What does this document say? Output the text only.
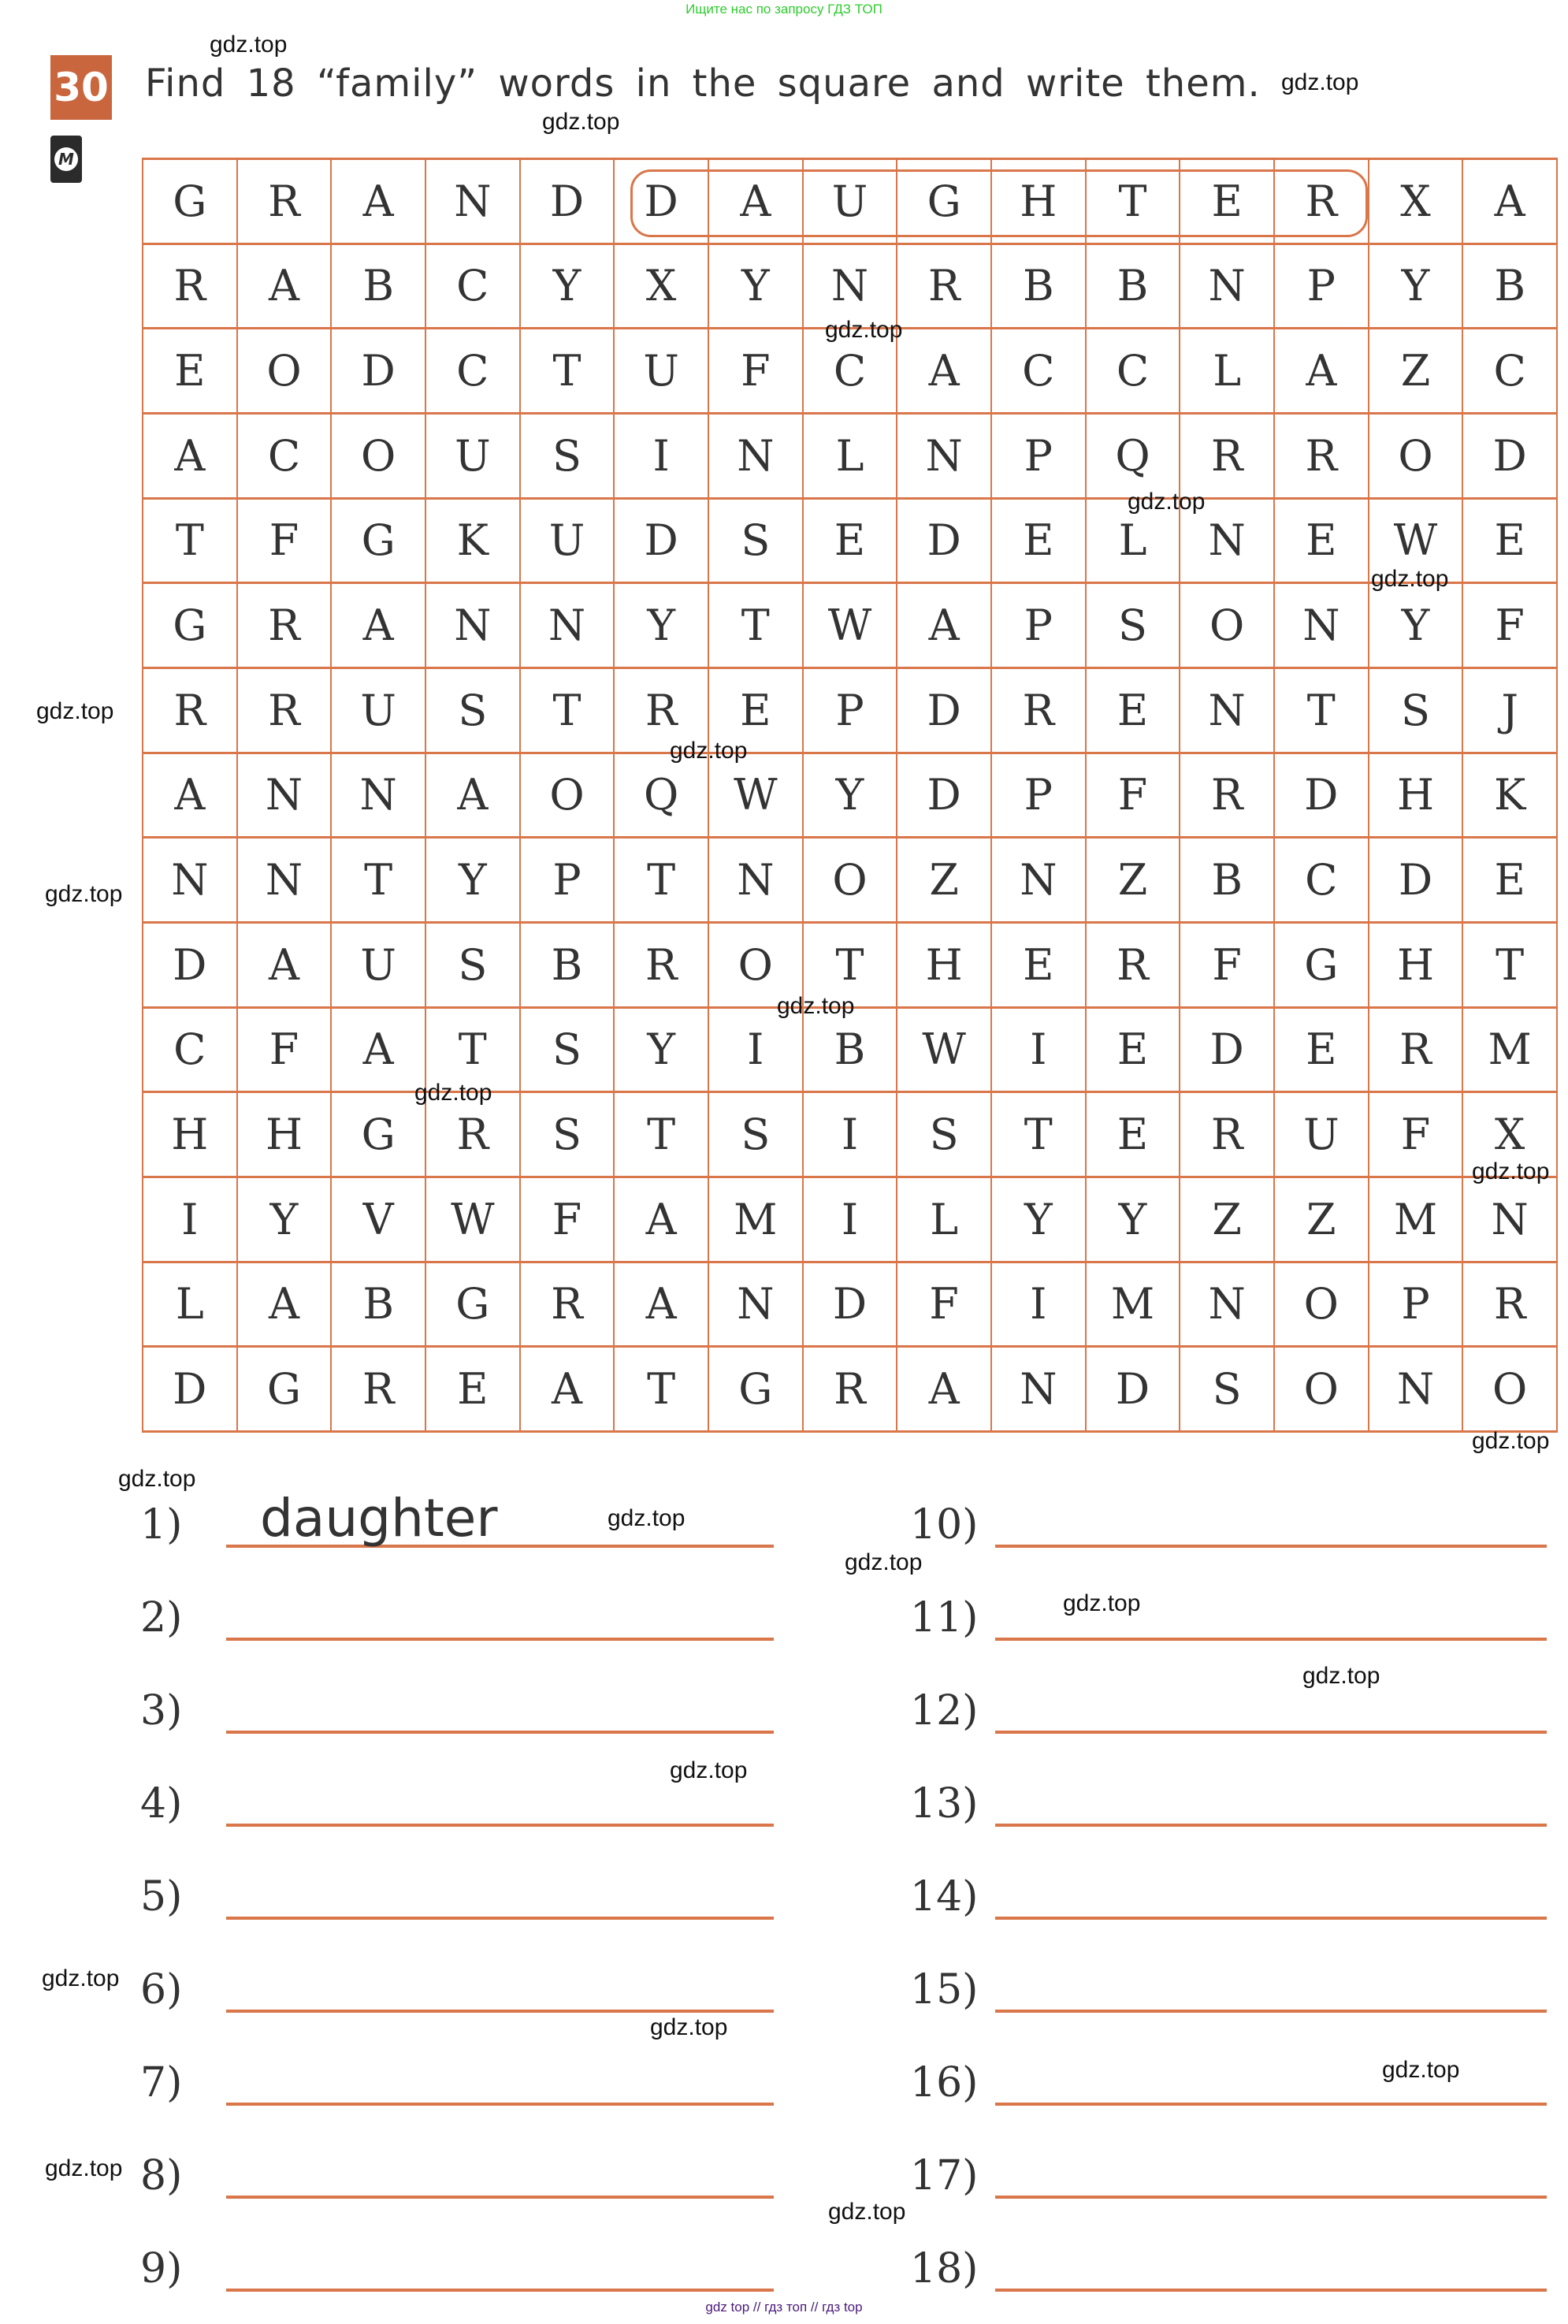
Ищите нас по запросу ГДЗ ТОП
30
M
Find 18 “family” words in the square and write them.
G	R	A	N	D	D	A	U	G	H	T	E	R	X	A
R	A	B	C	Y	X	Y	N	R	B	B	N	P	Y	B
E	O	D	C	T	U	F	C	A	C	C	L	A	Z	C
A	C	O	U	S	I	N	L	N	P	Q	R	R	O	D
T	F	G	K	U	D	S	E	D	E	L	N	E	W	E
G	R	A	N	N	Y	T	W	A	P	S	O	N	Y	F
R	R	U	S	T	R	E	P	D	R	E	N	T	S	J
A	N	N	A	O	Q	W	Y	D	P	F	R	D	H	K
N	N	T	Y	P	T	N	O	Z	N	Z	B	C	D	E
D	A	U	S	B	R	O	T	H	E	R	F	G	H	T
C	F	A	T	S	Y	I	B	W	I	E	D	E	R	M
H	H	G	R	S	T	S	I	S	T	E	R	U	F	X
I	Y	V	W	F	A	M	I	L	Y	Y	Z	Z	M	N
L	A	B	G	R	A	N	D	F	I	M	N	O	P	R
D	G	R	E	A	T	G	R	A	N	D	S	O	N	O
1)
2)
3)
4)
5)
6)
7)
8)
9)
10)
11)
12)
13)
14)
15)
16)
17)
18)
daughter
gdz.top
gdz.top
gdz.top
gdz.top
gdz.top
gdz.top
gdz.top
gdz.top
gdz.top
gdz.top
gdz.top
gdz.top
gdz.top
gdz.top
gdz.top
gdz.top
gdz.top
gdz.top
gdz.top
gdz.top
gdz.top
gdz.top
gdz.top
gdz.top
gdz top // гдз топ // гдз top
